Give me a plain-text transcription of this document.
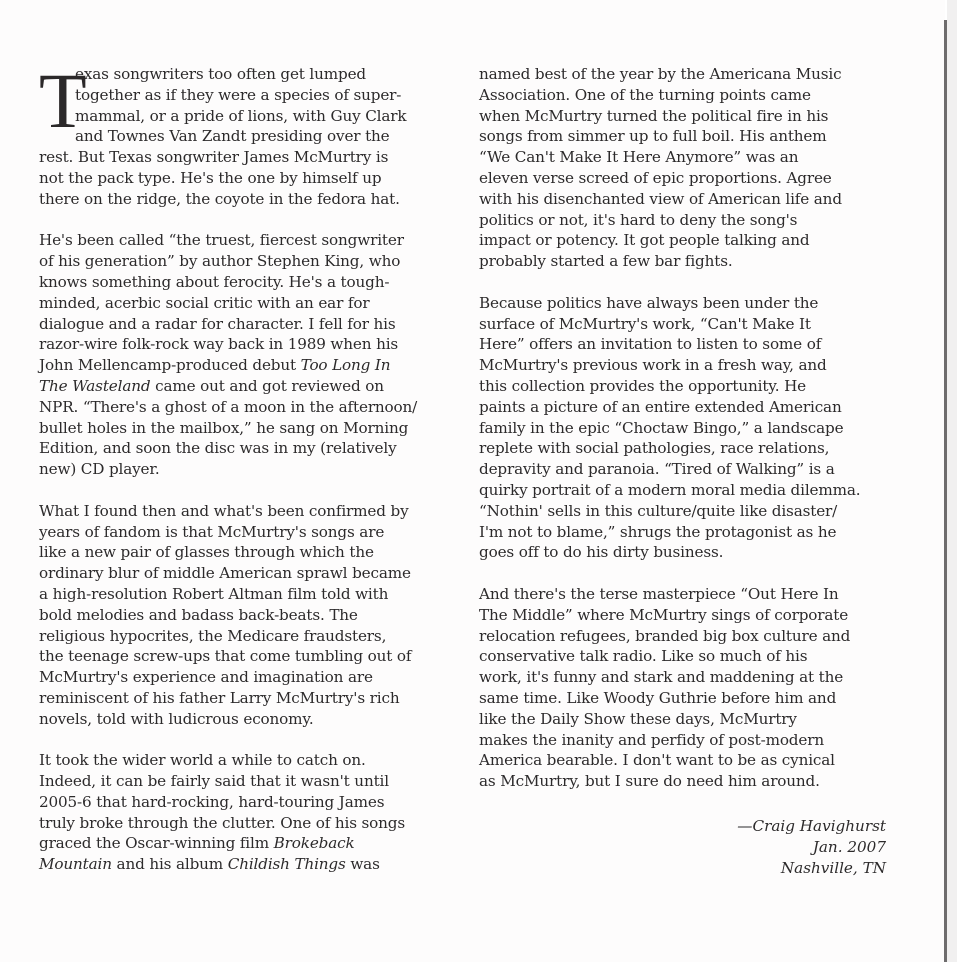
T
exas songwriters too often get lumped
together as if they were a species of super-
mammal, or a pride of lions, with Guy Clark
and Townes Van Zandt presiding over the
rest. But Texas songwriter James McMurtry is
not the pack type. He's the one by himself up
there on the ridge, the coyote in the fedora hat.
He's been called “the truest, fiercest songwriter
of his generation” by author Stephen King, who
knows something about ferocity. He's a tough-
minded, acerbic social critic with an ear for
dialogue and a radar for character. I fell for his
razor-wire folk-rock way back in 1989 when his
John Mellencamp-produced debut Too Long In
The Wasteland came out and got reviewed on
NPR. “There's a ghost of a moon in the afternoon/
bullet holes in the mailbox,” he sang on Morning
Edition, and soon the disc was in my (relatively
new) CD player.
What I found then and what's been confirmed by
years of fandom is that McMurtry's songs are
like a new pair of glasses through which the
ordinary blur of middle American sprawl became
a high-resolution Robert Altman film told with
bold melodies and badass back-beats. The
religious hypocrites, the Medicare fraudsters,
the teenage screw-ups that come tumbling out of
McMurtry's experience and imagination are
reminiscent of his father Larry McMurtry's rich
novels, told with ludicrous economy.
It took the wider world a while to catch on.
Indeed, it can be fairly said that it wasn't until
2005-6 that hard-rocking, hard-touring James
truly broke through the clutter. One of his songs
graced the Oscar-winning film Brokeback
Mountain and his album Childish Things was
named best of the year by the Americana Music
Association. One of the turning points came
when McMurtry turned the political fire in his
songs from simmer up to full boil. His anthem
“We Can't Make It Here Anymore” was an
eleven verse screed of epic proportions. Agree
with his disenchanted view of American life and
politics or not, it's hard to deny the song's
impact or potency. It got people talking and
probably started a few bar fights.
Because politics have always been under the
surface of McMurtry's work, “Can't Make It
Here” offers an invitation to listen to some of
McMurtry's previous work in a fresh way, and
this collection provides the opportunity. He
paints a picture of an entire extended American
family in the epic “Choctaw Bingo,” a landscape
replete with social pathologies, race relations,
depravity and paranoia. “Tired of Walking” is a
quirky portrait of a modern moral media dilemma.
“Nothin' sells in this culture/quite like disaster/
I'm not to blame,” shrugs the protagonist as he
goes off to do his dirty business.
And there's the terse masterpiece “Out Here In
The Middle” where McMurtry sings of corporate
relocation refugees, branded big box culture and
conservative talk radio. Like so much of his
work, it's funny and stark and maddening at the
same time. Like Woody Guthrie before him and
like the Daily Show these days, McMurtry
makes the inanity and perfidy of post-modern
America bearable. I don't want to be as cynical
as McMurtry, but I sure do need him around.
—Craig Havighurst
Jan. 2007
Nashville, TN
